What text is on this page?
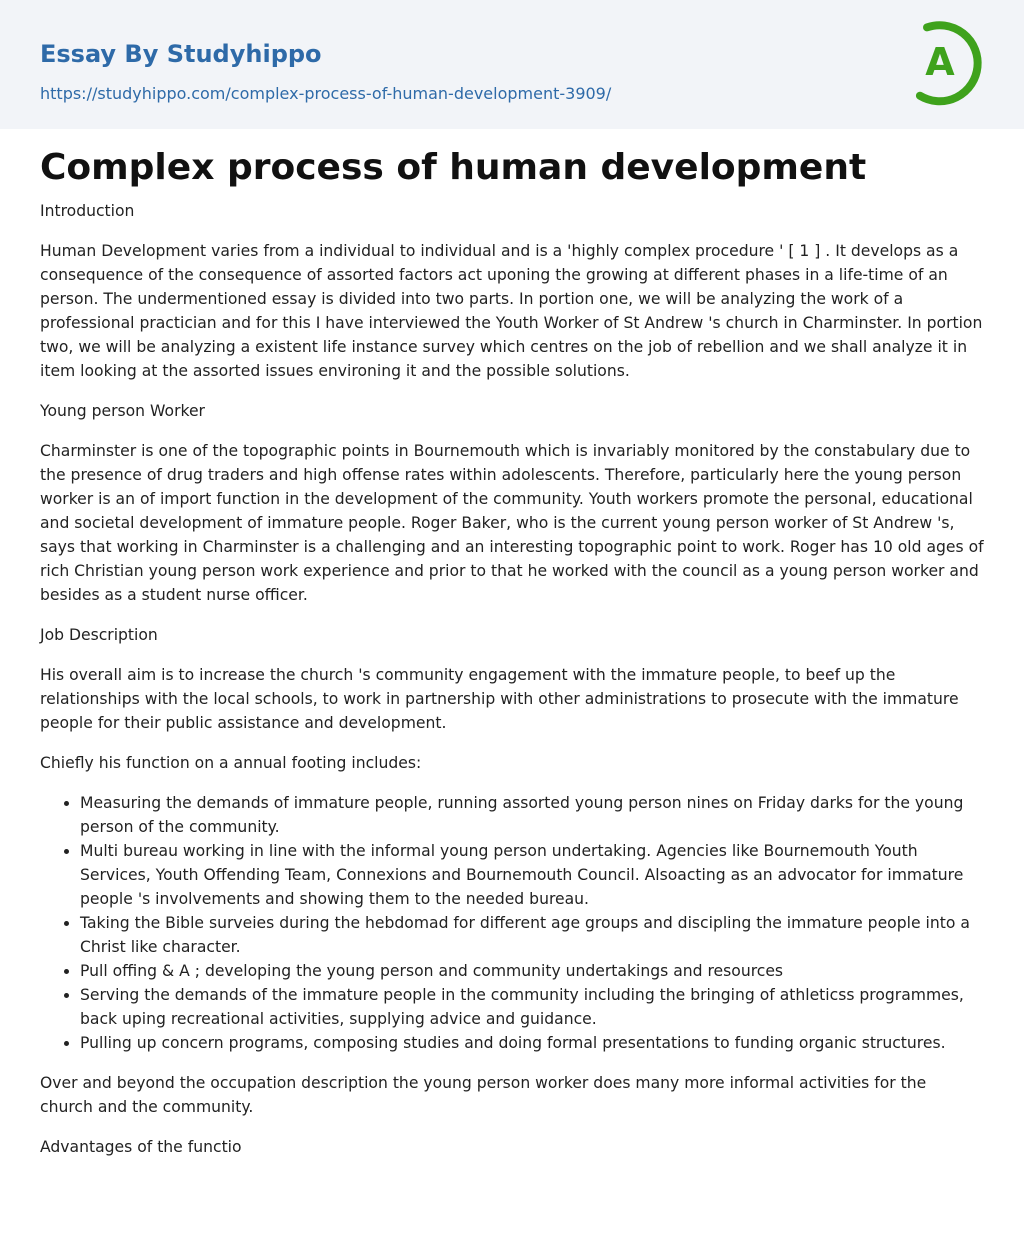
Essay By Studyhippo
https://studyhippo.com/complex-process-of-human-development-3909/
A
Complex process of human development

Introduction

Human Development varies from a individual to individual and is a 'highly complex procedure ' [ 1 ] . It develops as a consequence of the consequence of assorted factors act uponing the growing at different phases in a life-time of an person. The undermentioned essay is divided into two parts. In portion one, we will be analyzing the work of a professional practician and for this I have interviewed the Youth Worker of St Andrew 's church in Charminster. In portion two, we will be analyzing a existent life instance survey which centres on the job of rebellion and we shall analyze it in item looking at the assorted issues environing it and the possible solutions.

Young person Worker

Charminster is one of the topographic points in Bournemouth which is invariably monitored by the constabulary due to the presence of drug traders and high offense rates within adolescents. Therefore, particularly here the young person worker is an of import function in the development of the community. Youth workers promote the personal, educational and societal development of immature people. Roger Baker, who is the current young person worker of St Andrew 's, says that working in Charminster is a challenging and an interesting topographic point to work. Roger has 10 old ages of rich Christian young person work experience and prior to that he worked with the council as a young person worker and besides as a student nurse officer.

Job Description

His overall aim is to increase the church 's community engagement with the immature people, to beef up the relationships with the local schools, to work in partnership with other administrations to prosecute with the immature people for their public assistance and development.

Chiefly his function on a annual footing includes:

• Measuring the demands of immature people, running assorted young person nines on Friday darks for the young person of the community.
• Multi bureau working in line with the informal young person undertaking. Agencies like Bournemouth Youth Services, Youth Offending Team, Connexions and Bournemouth Council. Alsoacting as an advocator for immature people 's involvements and showing them to the needed bureau.
• Taking the Bible surveies during the hebdomad for different age groups and discipling the immature people into a Christ like character.
• Pull offing & A ; developing the young person and community undertakings and resources
• Serving the demands of the immature people in the community including the bringing of athleticss programmes, back uping recreational activities, supplying advice and guidance.
• Pulling up concern programs, composing studies and doing formal presentations to funding organic structures.

Over and beyond the occupation description the young person worker does many more informal activities for the church and the community.

Advantages of the functio
